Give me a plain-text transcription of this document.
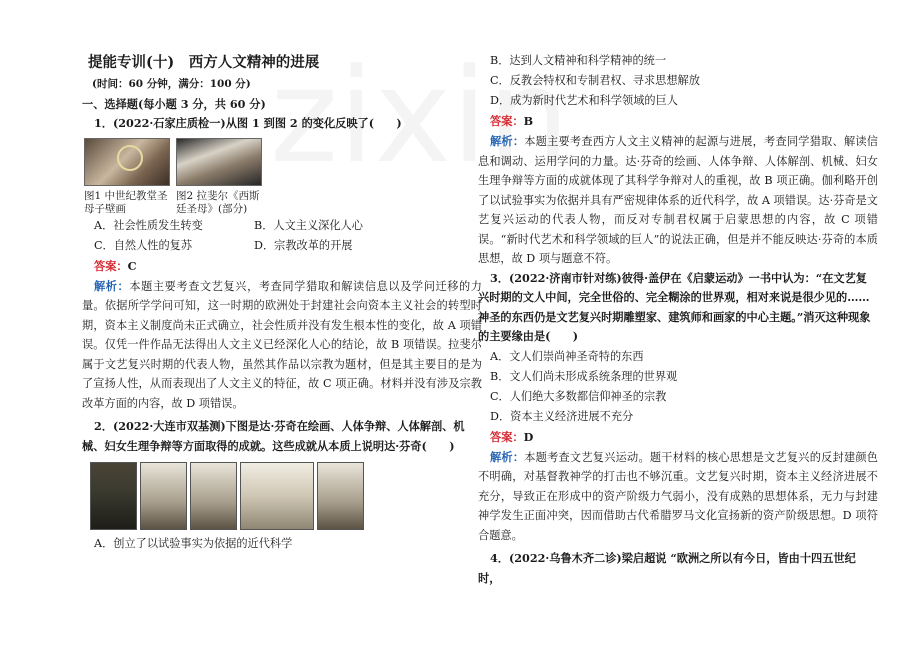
提能专训(十)　西方人文精神的进展
(时间：60 分钟，满分：100 分)
一、选择题(每小题 3 分，共 60 分)
1．(2022·石家庄质检一)从图 1 到图 2 的变化反映了(　　)
图1 中世纪教堂圣母子壁画
图2 拉斐尔《西斯廷圣母》(部分)
A．社会性质发生转变	B．人文主义深化人心
C．自然人性的复苏	D．宗教改革的开展
答案：C
解析：本题主要考查文艺复兴，考查同学猎取和解读信息以及学问迁移的力量。依据所学学问可知，这一时期的欧洲处于封建社会向资本主义社会的转型时期，资本主义制度尚未正式确立，社会性质并没有发生根本性的变化，故 A 项错误。仅凭一件作品无法得出人文主义已经深化人心的结论，故 B 项错误。拉斐尔属于文艺复兴时期的代表人物，虽然其作品以宗教为题材，但是其主要目的是为了宣扬人性，从而表现出了人文主义的特征，故 C 项正确。材料并没有涉及宗教改革方面的内容，故 D 项错误。
2．(2022·大连市双基测)下图是达·芬奇在绘画、人体争辩、人体解剖、机械、妇女生理争辩等方面取得的成就。这些成就从本质上说明达·芬奇(　　)
A．创立了以试验事实为依据的近代科学
B．达到人文精神和科学精神的统一
C．反教会特权和专制君权、寻求思想解放
D．成为新时代艺术和科学领域的巨人
答案：B
解析：本题主要考查西方人文主义精神的起源与进展，考查同学猎取、解读信息和调动、运用学问的力量。达·芬奇的绘画、人体争辩、人体解剖、机械、妇女生理争辩等方面的成就体现了其科学争辩对人的重视，故 B 项正确。伽利略开创了以试验事实为依据并具有严密规律体系的近代科学，故 A 项错误。达·芬奇是文艺复兴运动的代表人物，而反对专制君权属于启蒙思想的内容，故 C 项错误。“新时代艺术和科学领域的巨人”的说法正确，但是并不能反映达·芬奇的本质思想，故 D 项与题意不符。
3．(2022·济南市针对练)彼得·盖伊在《启蒙运动》一书中认为：“在文艺复兴时期的文人中间，完全世俗的、完全糊涂的世界观，相对来说是很少见的……神圣的东西仍是文艺复兴时期雕塑家、建筑师和画家的中心主题。”消灭这种现象的主要缘由是(　　)
A．文人们崇尚神圣奇特的东西
B．文人们尚未形成系统条理的世界观
C．人们绝大多数都信仰神圣的宗教
D．资本主义经济进展不充分
答案：D
解析：本题考查文艺复兴运动。题干材料的核心思想是文艺复兴的反封建颜色不明确，对基督教神学的打击也不够沉重。文艺复兴时期，资本主义经济进展不充分，导致正在形成中的资产阶级力气弱小，没有成熟的思想体系，无力与封建神学发生正面冲突，因而借助古代希腊罗马文化宣扬新的资产阶级思想。D 项符合题意。
4．(2022·乌鲁木齐二诊)梁启超说 “欧洲之所以有今日，皆由十四五世纪时，
